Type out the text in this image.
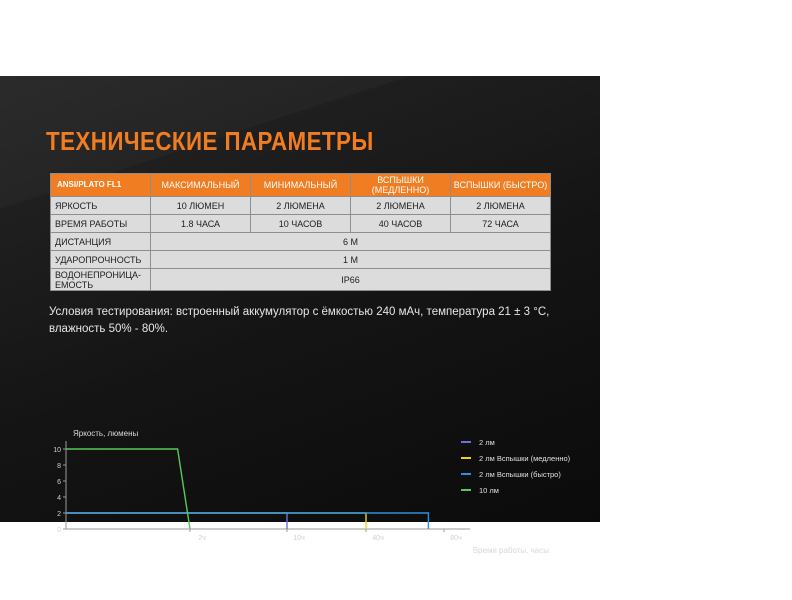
ТЕХНИЧЕСКИЕ ПАРАМЕТРЫ
ANSI/PLATO FL1	МАКСИМАЛЬНЫЙ	МИНИМАЛЬНЫЙ	ВСПЫШКИ (МЕДЛЕННО)	ВСПЫШКИ (БЫСТРО)
ЯРКОСТЬ	10 ЛЮМЕН	2 ЛЮМЕНА	2 ЛЮМЕНА	2 ЛЮМЕНА
ВРЕМЯ РАБОТЫ	1.8 ЧАСА	10 ЧАСОВ	40 ЧАСОВ	72 ЧАСА
ДИСТАНЦИЯ	6 М			
УДАРОПРОЧНОСТЬ	1 М			
ВОДОНЕПРОНИЦА-ЕМОСТЬ	IP66			

Условия тестирования: встроенный аккумулятор с ёмкостью 240 мАч, температура 21 ± 3 °C, влажность 50% - 80%.

0
2
4
6
8
10
2ч	10ч	40ч	80ч
Яркость, люмены
Время работы, часы
2 лм
2 лм Вспышки (медленно)
2 лм Вспышки (быстро)
10 лм
